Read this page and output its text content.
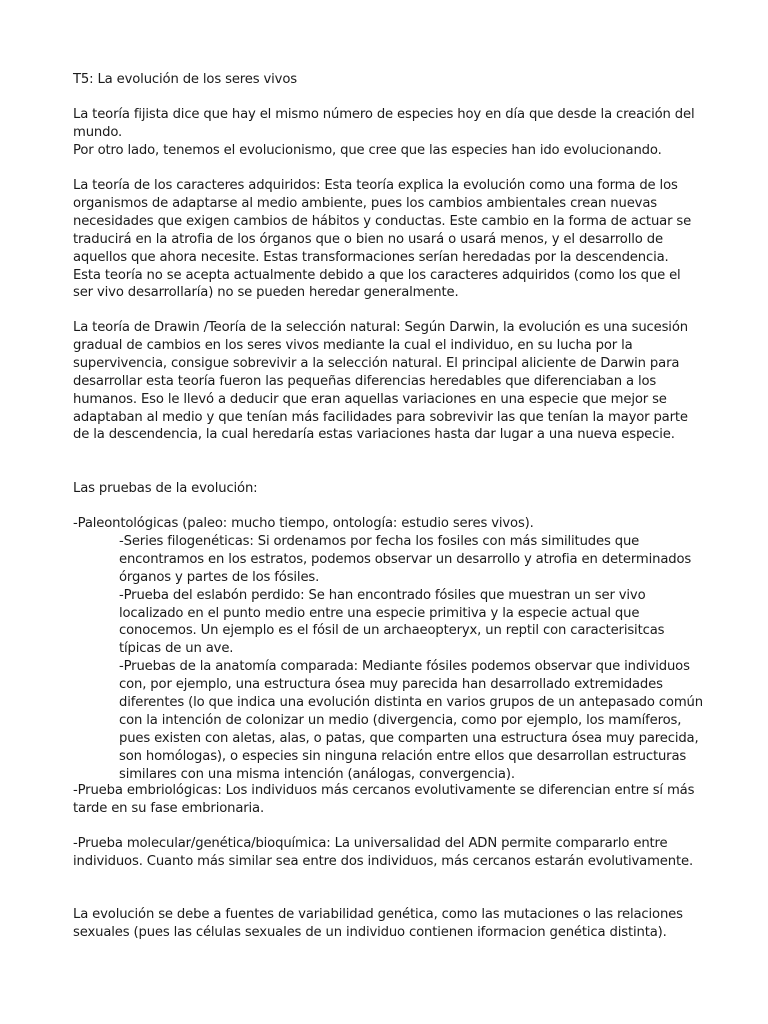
T5: La evolución de los seres vivos

La teoría fijista dice que hay el mismo número de especies hoy en día que desde la creación del mundo.

Por otro lado, tenemos el evolucionismo, que cree que las especies han ido evolucionando.

La teoría de los caracteres adquiridos: Esta teoría explica la evolución como una forma de los organismos de adaptarse al medio ambiente, pues los cambios ambientales crean nuevas necesidades que exigen cambios de hábitos y conductas. Este cambio en la forma de actuar se traducirá en la atrofia de los órganos que o bien no usará o usará menos, y el desarrollo de aquellos que ahora necesite. Estas transformaciones serían heredadas por la descendencia.

Esta teoría no se acepta actualmente debido a que los caracteres adquiridos (como los que el ser vivo desarrollaría) no se pueden heredar generalmente.

La teoría de Drawin /Teoría de la selección natural: Según Darwin, la evolución es una sucesión gradual de cambios en los seres vivos mediante la cual el individuo, en su lucha por la supervivencia, consigue sobrevivir a la selección natural. El principal aliciente de Darwin para desarrollar esta teoría fueron las pequeñas diferencias heredables que diferenciaban a los humanos. Eso le llevó a deducir que eran aquellas variaciones en una especie que mejor se adaptaban al medio y que tenían más facilidades para sobrevivir las que tenían la mayor parte de la descendencia, la cual heredaría estas variaciones hasta dar lugar a una nueva especie.

Las pruebas de la evolución:

-Paleontológicas (paleo: mucho tiempo, ontología: estudio seres vivos).

-Series filogenéticas: Si ordenamos por fecha los fosiles con más similitudes que encontramos en los estratos, podemos observar un desarrollo y atrofia en determinados órganos y partes de los fósiles.

-Prueba del eslabón perdido: Se han encontrado fósiles que muestran un ser vivo localizado en el punto medio entre una especie primitiva y la especie actual que conocemos. Un ejemplo es el fósil de un archaeopteryx, un reptil con caracterisitcas típicas de un ave.

-Pruebas de la anatomía comparada: Mediante fósiles podemos observar que individuos con, por ejemplo, una estructura ósea muy parecida han desarrollado extremidades diferentes (lo que indica una evolución distinta en varios grupos de un antepasado común con la intención de colonizar un medio (divergencia, como por ejemplo, los mamíferos, pues existen con aletas, alas, o patas, que comparten una estructura ósea muy parecida, son homólogas), o especies sin ninguna relación entre ellos que desarrollan estructuras similares con una misma intención (análogas, convergencia).

-Prueba embriológicas: Los individuos más cercanos evolutivamente se diferencian entre sí más tarde en su fase embrionaria.

-Prueba molecular/genética/bioquímica: La universalidad del ADN permite compararlo entre individuos. Cuanto más similar sea entre dos individuos, más cercanos estarán evolutivamente.

La evolución se debe a fuentes de variabilidad genética, como las mutaciones o las relaciones sexuales (pues las células sexuales de un individuo contienen iformacion genética distinta).
